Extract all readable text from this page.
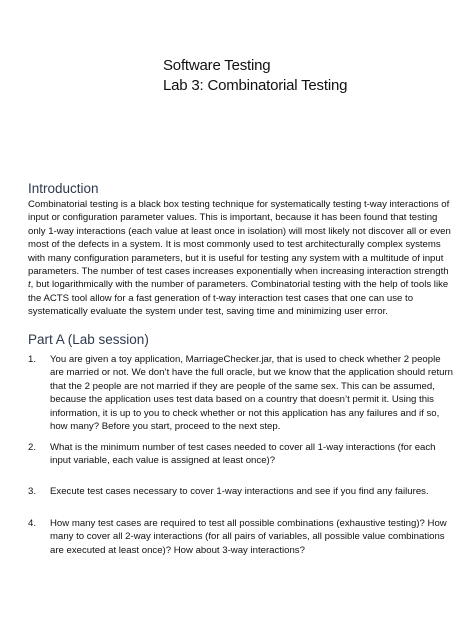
Software Testing
Lab 3: Combinatorial Testing
Introduction
Combinatorial testing is a black box testing technique for systematically testing t-way interactions of input or configuration parameter values. This is important, because it has been found that testing only 1-way interactions (each value at least once in isolation) will most likely not discover all or even most of the defects in a system. It is most commonly used to test architecturally complex systems with many configuration parameters, but it is useful for testing any system with a multitude of input parameters. The number of test cases increases exponentially when increasing interaction strength t, but logarithmically with the number of parameters. Combinatorial testing with the help of tools like the ACTS tool allow for a fast generation of t-way interaction test cases that one can use to systematically evaluate the system under test, saving time and minimizing user error.
Part A (Lab session)
1.	You are given a toy application, MarriageChecker.jar, that is used to check whether 2 people are married or not. We don’t have the full oracle, but we know that the application should return that the 2 people are not married if they are people of the same sex. This can be assumed, because the application uses test data based on a country that doesn’t permit it. Using this information, it is up to you to check whether or not this application has any failures and if so, how many? Before you start, proceed to the next step.
2.	What is the minimum number of test cases needed to cover all 1-way interactions (for each input variable, each value is assigned at least once)?
3.	Execute test cases necessary to cover 1-way interactions and see if you find any failures.
4.	How many test cases are required to test all possible combinations (exhaustive testing)? How many to cover all 2-way interactions (for all pairs of variables, all possible value combinations are executed at least once)? How about 3-way interactions?
